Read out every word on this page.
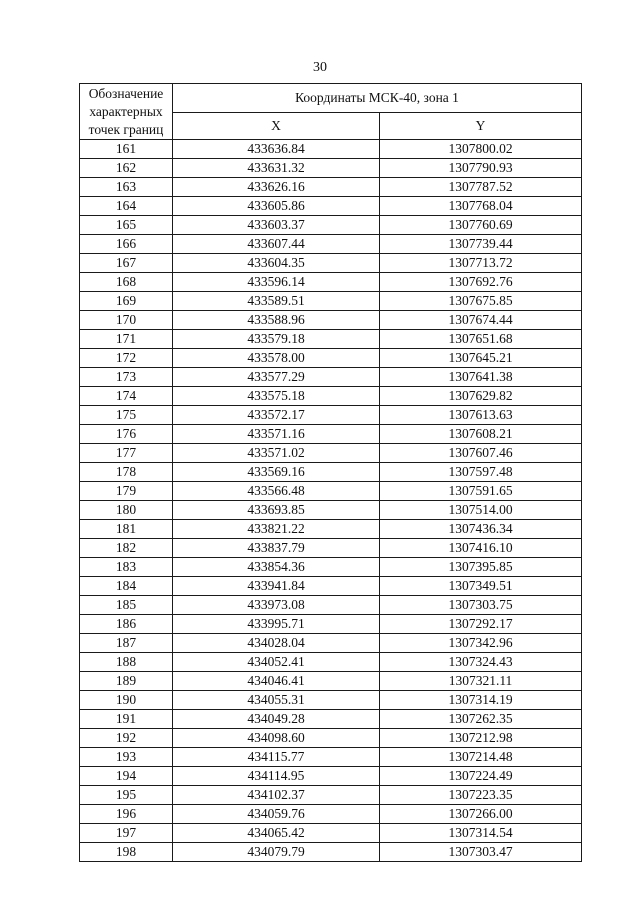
30
Обозначение
характерных
точек границ	Координаты МСК-40, зона 1	
	X	Y
161	433636.84	1307800.02
162	433631.32	1307790.93
163	433626.16	1307787.52
164	433605.86	1307768.04
165	433603.37	1307760.69
166	433607.44	1307739.44
167	433604.35	1307713.72
168	433596.14	1307692.76
169	433589.51	1307675.85
170	433588.96	1307674.44
171	433579.18	1307651.68
172	433578.00	1307645.21
173	433577.29	1307641.38
174	433575.18	1307629.82
175	433572.17	1307613.63
176	433571.16	1307608.21
177	433571.02	1307607.46
178	433569.16	1307597.48
179	433566.48	1307591.65
180	433693.85	1307514.00
181	433821.22	1307436.34
182	433837.79	1307416.10
183	433854.36	1307395.85
184	433941.84	1307349.51
185	433973.08	1307303.75
186	433995.71	1307292.17
187	434028.04	1307342.96
188	434052.41	1307324.43
189	434046.41	1307321.11
190	434055.31	1307314.19
191	434049.28	1307262.35
192	434098.60	1307212.98
193	434115.77	1307214.48
194	434114.95	1307224.49
195	434102.37	1307223.35
196	434059.76	1307266.00
197	434065.42	1307314.54
198	434079.79	1307303.47
